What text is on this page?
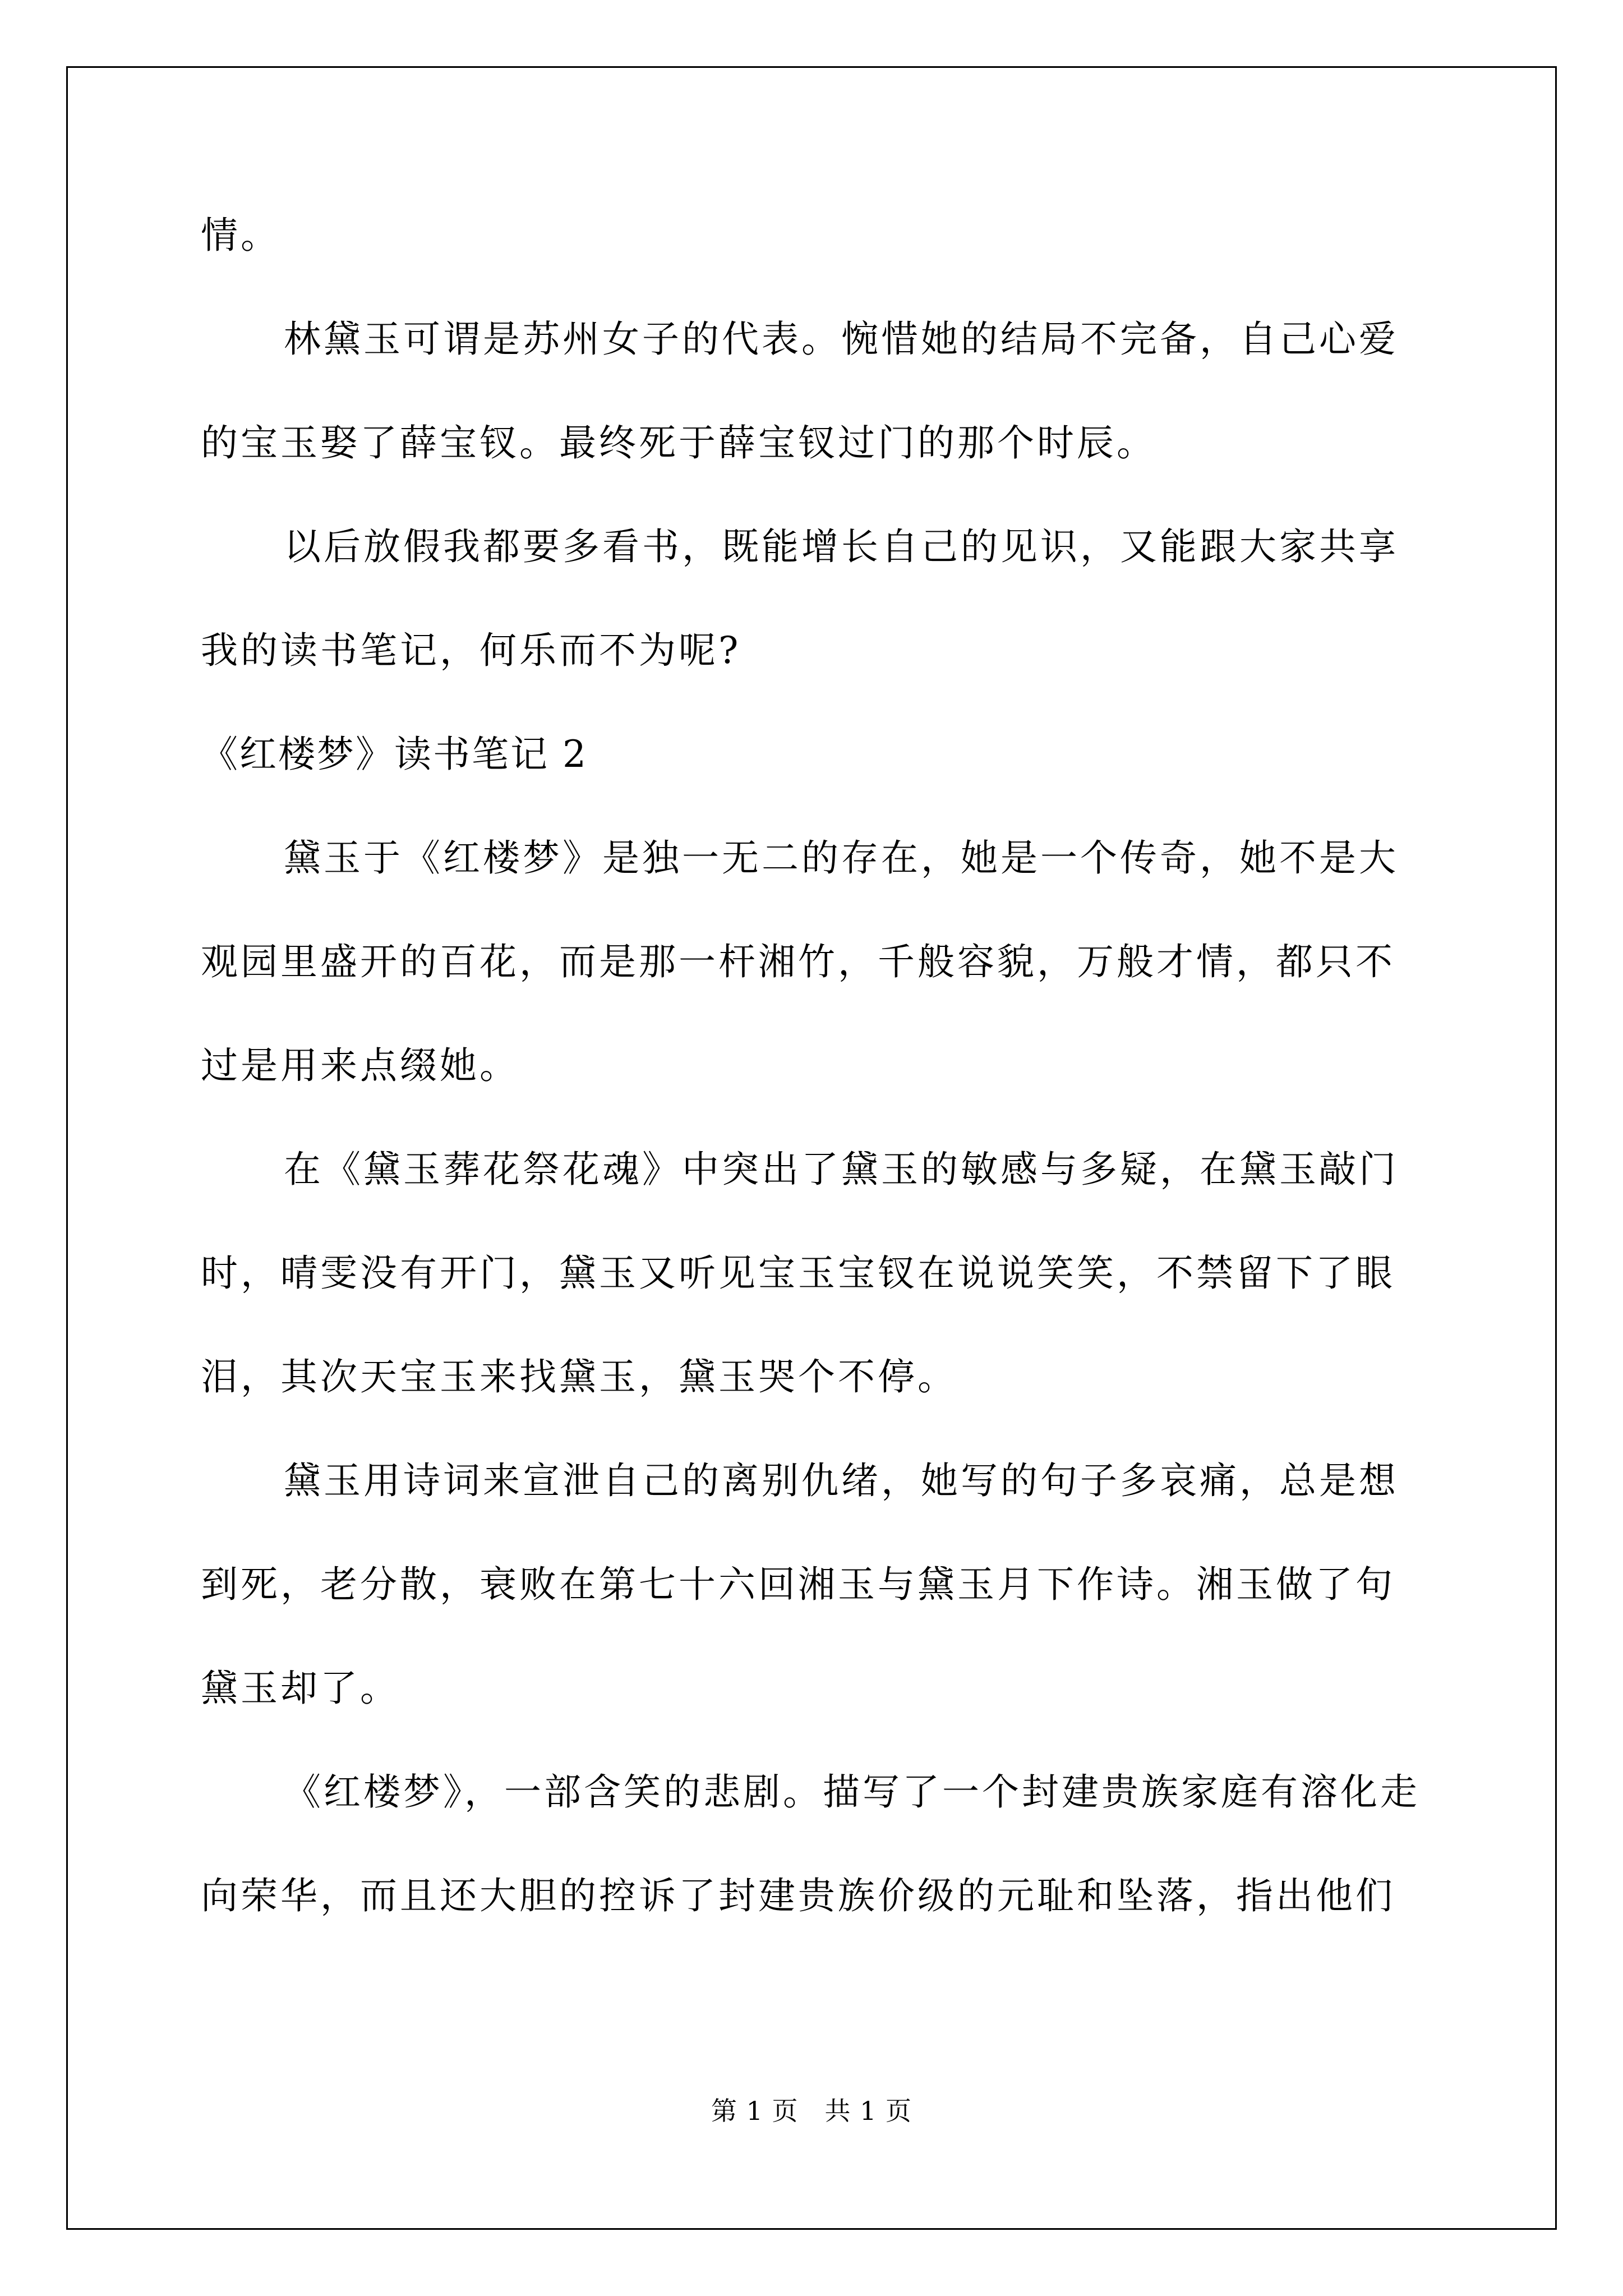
情。
林黛玉可谓是苏州女子的代表。惋惜她的结局不完备，自己心爱
的宝玉娶了薛宝钗。最终死于薛宝钗过门的那个时辰。
以后放假我都要多看书，既能增长自己的见识，又能跟大家共享
我的读书笔记，何乐而不为呢?
《红楼梦》读书笔记 2
黛玉于《红楼梦》是独一无二的存在，她是一个传奇，她不是大
观园里盛开的百花，而是那一杆湘竹，千般容貌，万般才情，都只不
过是用来点缀她。
在《黛玉葬花祭花魂》中突出了黛玉的敏感与多疑，在黛玉敲门
时，晴雯没有开门，黛玉又听见宝玉宝钗在说说笑笑，不禁留下了眼
泪，其次天宝玉来找黛玉，黛玉哭个不停。
黛玉用诗词来宣泄自己的离别仇绪，她写的句子多哀痛，总是想
到死，老分散，衰败在第七十六回湘玉与黛玉月下作诗。湘玉做了句
黛玉却了。
《红楼梦》，一部含笑的悲剧。描写了一个封建贵族家庭有溶化走
向荣华，而且还大胆的控诉了封建贵族价级的元耻和坠落，指出他们
第 1 页　共 1 页
